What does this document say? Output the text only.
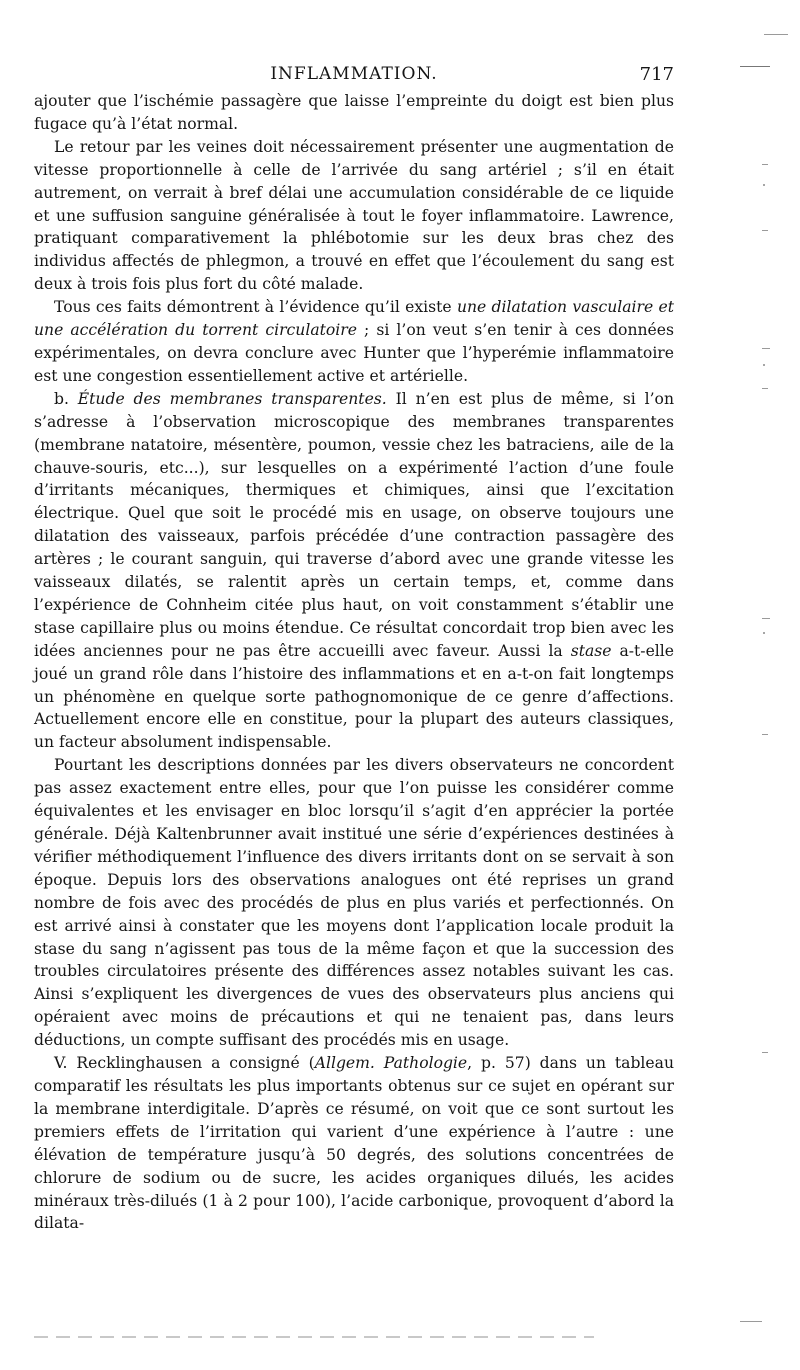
INFLAMMATION.	717

ajouter que l’ischémie passagère que laisse l’empreinte du doigt est bien plus fugace qu’à l’état normal.

Le retour par les veines doit nécessairement présenter une augmentation de vitesse proportionnelle à celle de l’arrivée du sang artériel ; s’il en était autrement, on verrait à bref délai une accumulation considérable de ce liquide et une suffusion sanguine généralisée à tout le foyer inflammatoire. Lawrence, pratiquant comparativement la phlébotomie sur les deux bras chez des individus affectés de phlegmon, a trouvé en effet que l’écoulement du sang est deux à trois fois plus fort du côté malade.

Tous ces faits démontrent à l’évidence qu’il existe une dilatation vasculaire et une accélération du torrent circulatoire ; si l’on veut s’en tenir à ces données expérimentales, on devra conclure avec Hunter que l’hyperémie inflammatoire est une congestion essentiellement active et artérielle.

b. Étude des membranes transparentes. Il n’en est plus de même, si l’on s’adresse à l’observation microscopique des membranes transparentes (membrane natatoire, mésentère, poumon, vessie chez les batraciens, aile de la chauve-souris, etc...), sur lesquelles on a expérimenté l’action d’une foule d’irritants mécaniques, thermiques et chimiques, ainsi que l’excitation électrique. Quel que soit le procédé mis en usage, on observe toujours une dilatation des vaisseaux, parfois précédée d’une contraction passagère des artères ; le courant sanguin, qui traverse d’abord avec une grande vitesse les vaisseaux dilatés, se ralentit après un certain temps, et, comme dans l’expérience de Cohnheim citée plus haut, on voit constamment s’établir une stase capillaire plus ou moins étendue. Ce résultat concordait trop bien avec les idées anciennes pour ne pas être accueilli avec faveur. Aussi la stase a-t-elle joué un grand rôle dans l’histoire des inflammations et en a-t-on fait longtemps un phénomène en quelque sorte pathognomonique de ce genre d’affections. Actuellement encore elle en constitue, pour la plupart des auteurs classiques, un facteur absolument indispensable.

Pourtant les descriptions données par les divers observateurs ne concordent pas assez exactement entre elles, pour que l’on puisse les considérer comme équivalentes et les envisager en bloc lorsqu’il s’agit d’en apprécier la portée générale. Déjà Kaltenbrunner avait institué une série d’expériences destinées à vérifier méthodiquement l’influence des divers irritants dont on se servait à son époque. Depuis lors des observations analogues ont été reprises un grand nombre de fois avec des procédés de plus en plus variés et perfectionnés. On est arrivé ainsi à constater que les moyens dont l’application locale produit la stase du sang n’agissent pas tous de la même façon et que la succession des troubles circulatoires présente des différences assez notables suivant les cas. Ainsi s’expliquent les divergences de vues des observateurs plus anciens qui opéraient avec moins de précautions et qui ne tenaient pas, dans leurs déductions, un compte suffisant des procédés mis en usage.

V. Recklinghausen a consigné (Allgem. Pathologie, p. 57) dans un tableau comparatif les résultats les plus importants obtenus sur ce sujet en opérant sur la membrane interdigitale. D’après ce résumé, on voit que ce sont surtout les premiers effets de l’irritation qui varient d’une expérience à l’autre : une élévation de température jusqu’à 50 degrés, des solutions concentrées de chlorure de sodium ou de sucre, les acides organiques dilués, les acides minéraux très-dilués (1 à 2 pour 100), l’acide carbonique, provoquent d’abord la dilata-
